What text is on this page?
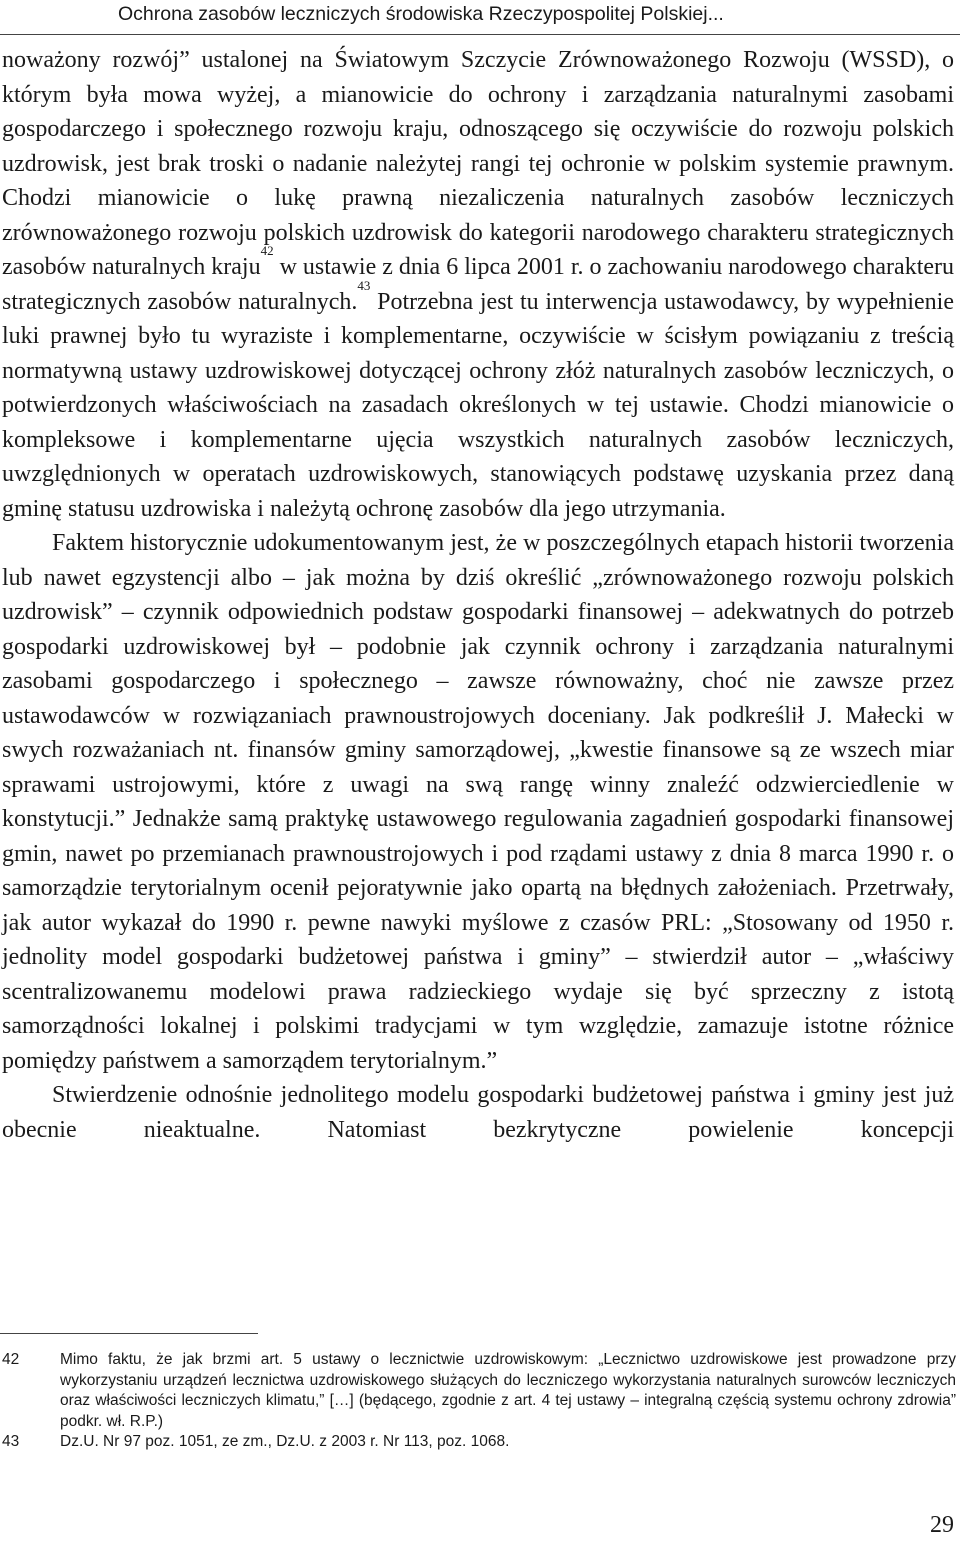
Ochrona zasobów leczniczych środowiska Rzeczypospolitej Polskiej...

noważony rozwój” ustalonej na Światowym Szczycie Zrównoważonego Rozwoju (WSSD), o którym była mowa wyżej, a mianowicie do ochrony i zarządzania naturalnymi zasobami gospodarczego i społecznego rozwoju kraju, odnoszącego się oczywiście do rozwoju polskich uzdrowisk, jest brak troski o nadanie należytej rangi tej ochronie w polskim systemie prawnym. Chodzi mianowicie o lukę prawną niezaliczenia naturalnych zasobów leczniczych zrównoważonego rozwoju polskich uzdrowisk do kategorii narodowego charakteru strategicznych zasobów naturalnych kraju$^{42}$ w ustawie z dnia 6 lipca 2001 r. o zachowaniu narodowego charakteru strategicznych zasobów naturalnych.$^{43}$ Potrzebna jest tu interwencja ustawodawcy, by wypełnienie luki prawnej było tu wyraziste i komplementarne, oczywiście w ścisłym powiązaniu z treścią normatywną ustawy uzdrowiskowej dotyczącej ochrony złóż naturalnych zasobów leczniczych, o potwierdzonych właściwościach na zasadach określonych w tej ustawie. Chodzi mianowicie o kompleksowe i komplementarne ujęcia wszystkich naturalnych zasobów leczniczych, uwzględnionych w operatach uzdrowiskowych, stanowiących podstawę uzyskania przez daną gminę statusu uzdrowiska i należytą ochronę zasobów dla jego utrzymania.

Faktem historycznie udokumentowanym jest, że w poszczególnych etapach historii tworzenia lub nawet egzystencji albo – jak można by dziś określić „zrównoważonego rozwoju polskich uzdrowisk” – czynnik odpowiednich podstaw gospodarki finansowej – adekwatnych do potrzeb gospodarki uzdrowiskowej był – podobnie jak czynnik ochrony i zarządzania naturalnymi zasobami gospodarczego i społecznego – zawsze równoważny, choć nie zawsze przez ustawodawców w rozwiązaniach prawnoustrojowych doceniany. Jak podkreślił J. Małecki w swych rozważaniach nt. finansów gminy samorządowej, „kwestie finansowe są ze wszech miar sprawami ustrojowymi, które z uwagi na swą rangę winny znaleźć odzwierciedlenie w konstytucji.” Jednakże samą praktykę ustawowego regulowania zagadnień gospodarki finansowej gmin, nawet po przemianach prawnoustrojowych i pod rządami ustawy z dnia 8 marca 1990 r. o samorządzie terytorialnym ocenił pejoratywnie jako opartą na błędnych założeniach. Przetrwały, jak autor wykazał do 1990 r. pewne nawyki myślowe z czasów PRL: „Stosowany od 1950 r. jednolity model gospodarki budżetowej państwa i gminy” – stwierdził autor – „właściwy scentralizowanemu modelowi prawa radzieckiego wydaje się być sprzeczny z istotą samorządności lokalnej i polskimi tradycjami w tym względzie, zamazuje istotne różnice pomiędzy państwem a samorządem terytorialnym.”

Stwierdzenie odnośnie jednolitego modelu gospodarki budżetowej państwa i gminy jest już obecnie nieaktualne. Natomiast bezkrytyczne powielenie koncepcji

42	Mimo faktu, że jak brzmi art. 5 ustawy o lecznictwie uzdrowiskowym: „Lecznictwo uzdrowiskowe jest prowadzone przy wykorzystaniu urządzeń lecznictwa uzdrowiskowego służących do leczniczego wykorzystania naturalnych surowców leczniczych oraz właściwości leczniczych klimatu,” […] (będącego, zgodnie z art. 4 tej ustawy – integralną częścią systemu ochrony zdrowia” podkr. wł. R.P.)

43	Dz.U. Nr 97 poz. 1051, ze zm., Dz.U. z 2003 r. Nr 113, poz. 1068.

29
